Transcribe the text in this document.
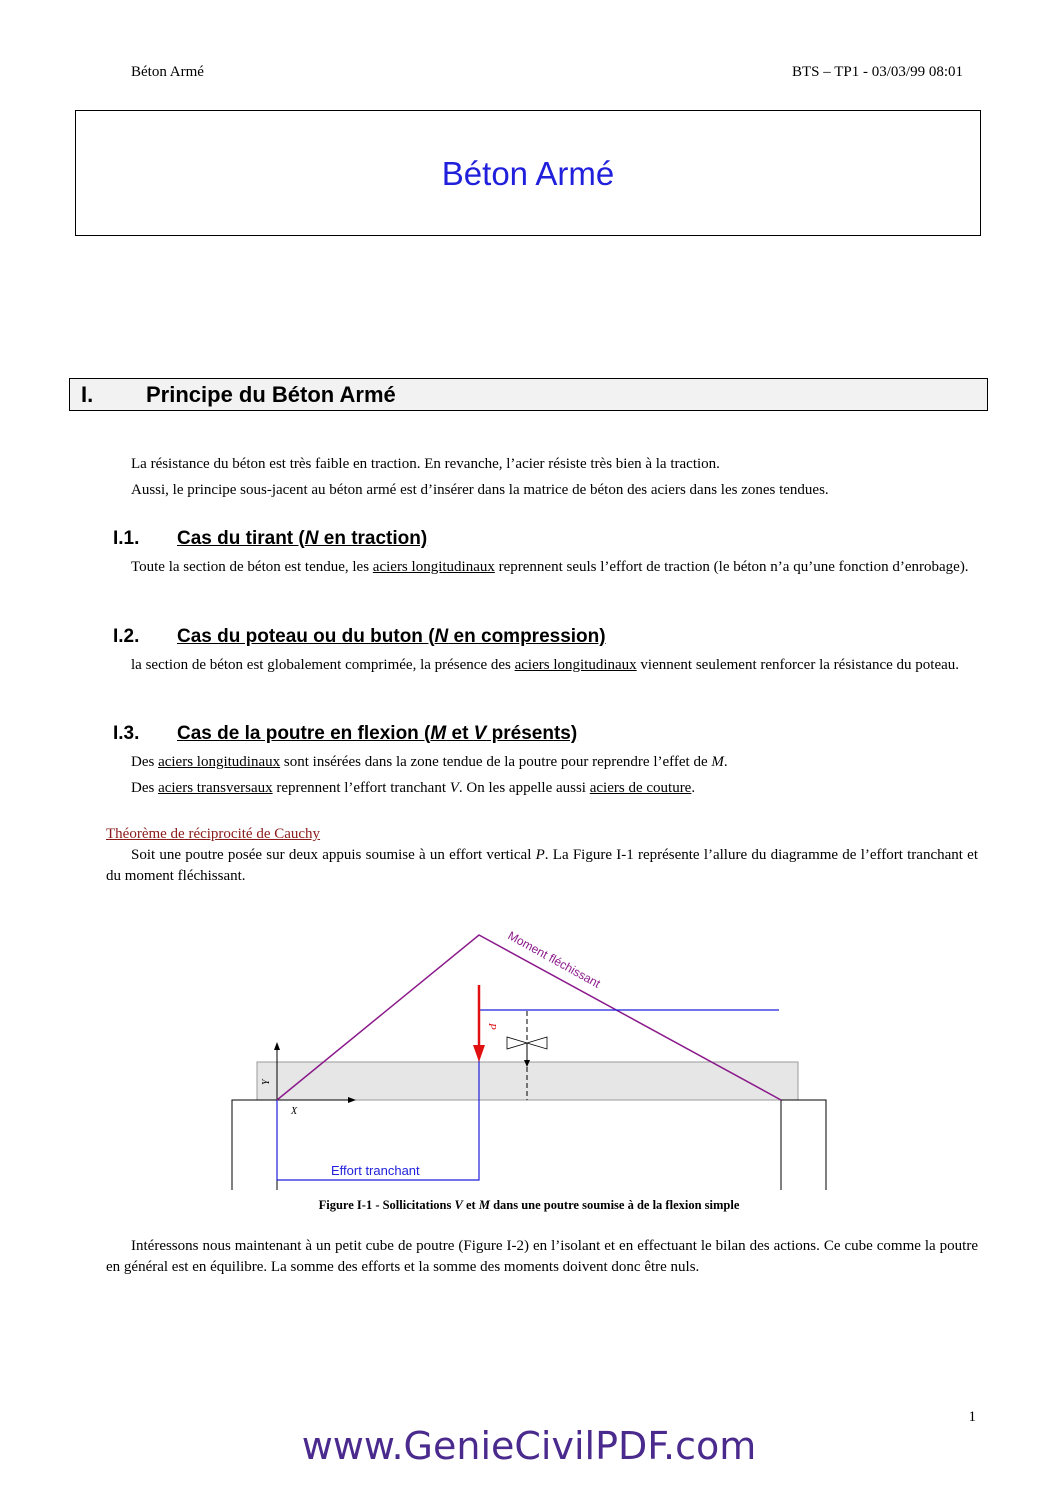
Béton Armé	BTS – TP1 - 03/03/99 08:01
Béton Armé
I. Principe du Béton Armé

La résistance du béton est très faible en traction. En revanche, l’acier résiste très bien à la traction.

Aussi, le principe sous-jacent au béton armé est d’insérer dans la matrice de béton des aciers dans les zones tendues.

I.1. Cas du tirant (N en traction)

Toute la section de béton est tendue, les aciers longitudinaux reprennent seuls l’effort de traction (le béton n’a qu’une fonction d’enrobage).

I.2. Cas du poteau ou du buton (N en compression)

la section de béton est globalement comprimée, la présence des aciers longitudinaux viennent seulement renforcer la résistance du poteau.

I.3. Cas de la poutre en flexion (M et V présents)

Des aciers longitudinaux sont insérées dans la zone tendue de la poutre pour reprendre l’effet de M.

Des aciers transversaux reprennent l’effort tranchant V. On les appelle aussi aciers de couture.

Théorème de réciprocité de Cauchy

Soit une poutre posée sur deux appuis soumise à un effort vertical P. La Figure I-1 représente l’allure du diagramme de l’effort tranchant et du moment fléchissant.

Y
X
Moment fléchissant
Effort tranchant
P
Figure I-1 - Sollicitations V et M dans une poutre soumise à de la flexion simple

Intéressons nous maintenant à un petit cube de poutre (Figure I-2) en l’isolant et en effectuant le bilan des actions. Ce cube comme la poutre en général est en équilibre. La somme des efforts et la somme des moments doivent donc être nuls.

1
www.GenieCivilPDF.com
